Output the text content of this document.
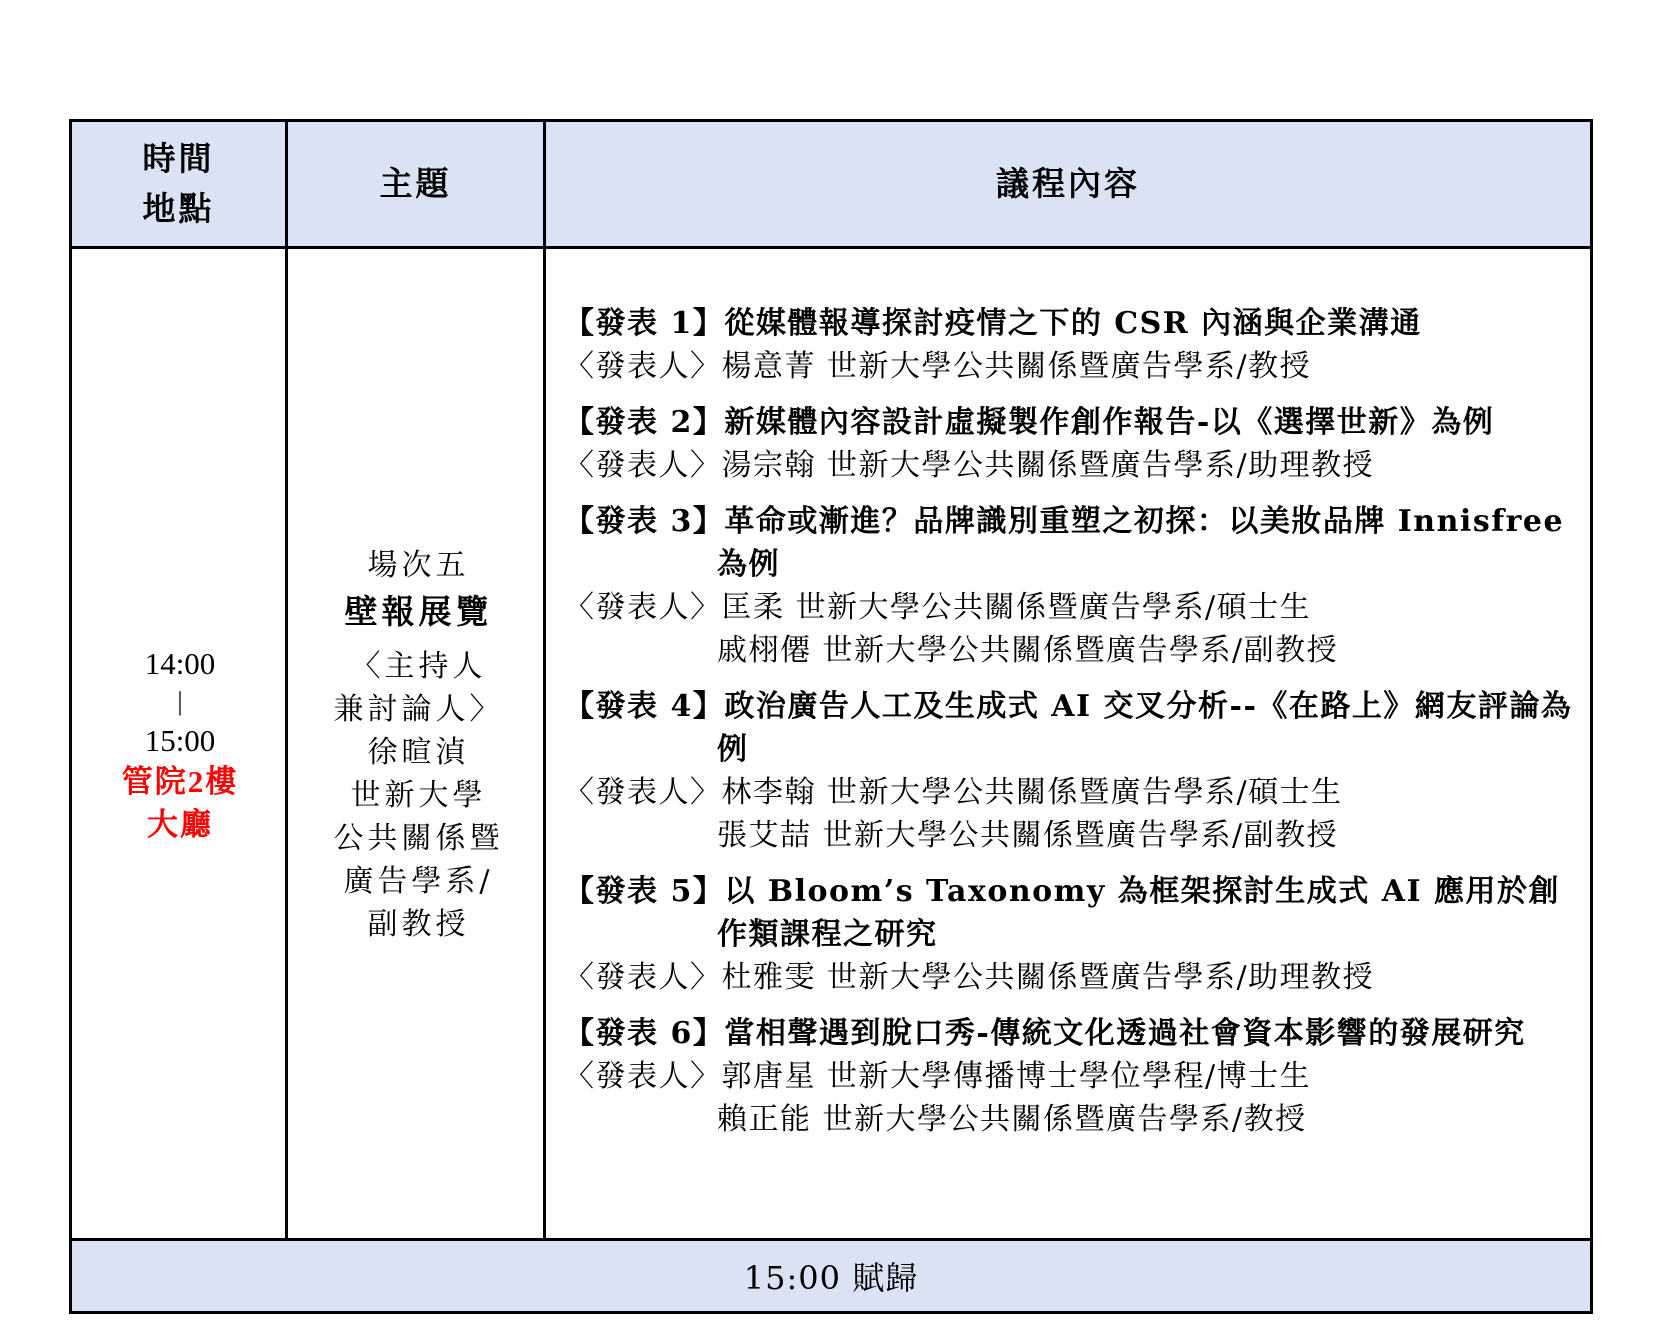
時間
地點
主題	議程內容
14:00
|
15:00
管院2樓
大廳
場次五
壁報展覽
〈主持人
兼討論人〉
徐暄湞
世新大學
公共關係暨
廣告學系/
副教授
【發表 1】從媒體報導探討疫情之下的 CSR 內涵與企業溝通
〈發表人〉楊意菁 世新大學公共關係暨廣告學系/教授
【發表 2】新媒體內容設計虛擬製作創作報告-以《選擇世新》為例
〈發表人〉湯宗翰 世新大學公共關係暨廣告學系/助理教授
【發表 3】革命或漸進？品牌識別重塑之初探：以美妝品牌 Innisfree 為例
〈發表人〉匡柔 世新大學公共關係暨廣告學系/碩士生
戚栩僊 世新大學公共關係暨廣告學系/副教授
【發表 4】政治廣告人工及生成式 AI 交叉分析--《在路上》網友評論為例
〈發表人〉林李翰 世新大學公共關係暨廣告學系/碩士生
張艾喆 世新大學公共關係暨廣告學系/副教授
【發表 5】以 Bloom’s Taxonomy 為框架探討生成式 AI 應用於創作類課程之研究
〈發表人〉杜雅雯 世新大學公共關係暨廣告學系/助理教授
【發表 6】當相聲遇到脫口秀-傳統文化透過社會資本影響的發展研究
〈發表人〉郭唐星 世新大學傳播博士學位學程/博士生
賴正能 世新大學公共關係暨廣告學系/教授
15:00 賦歸
